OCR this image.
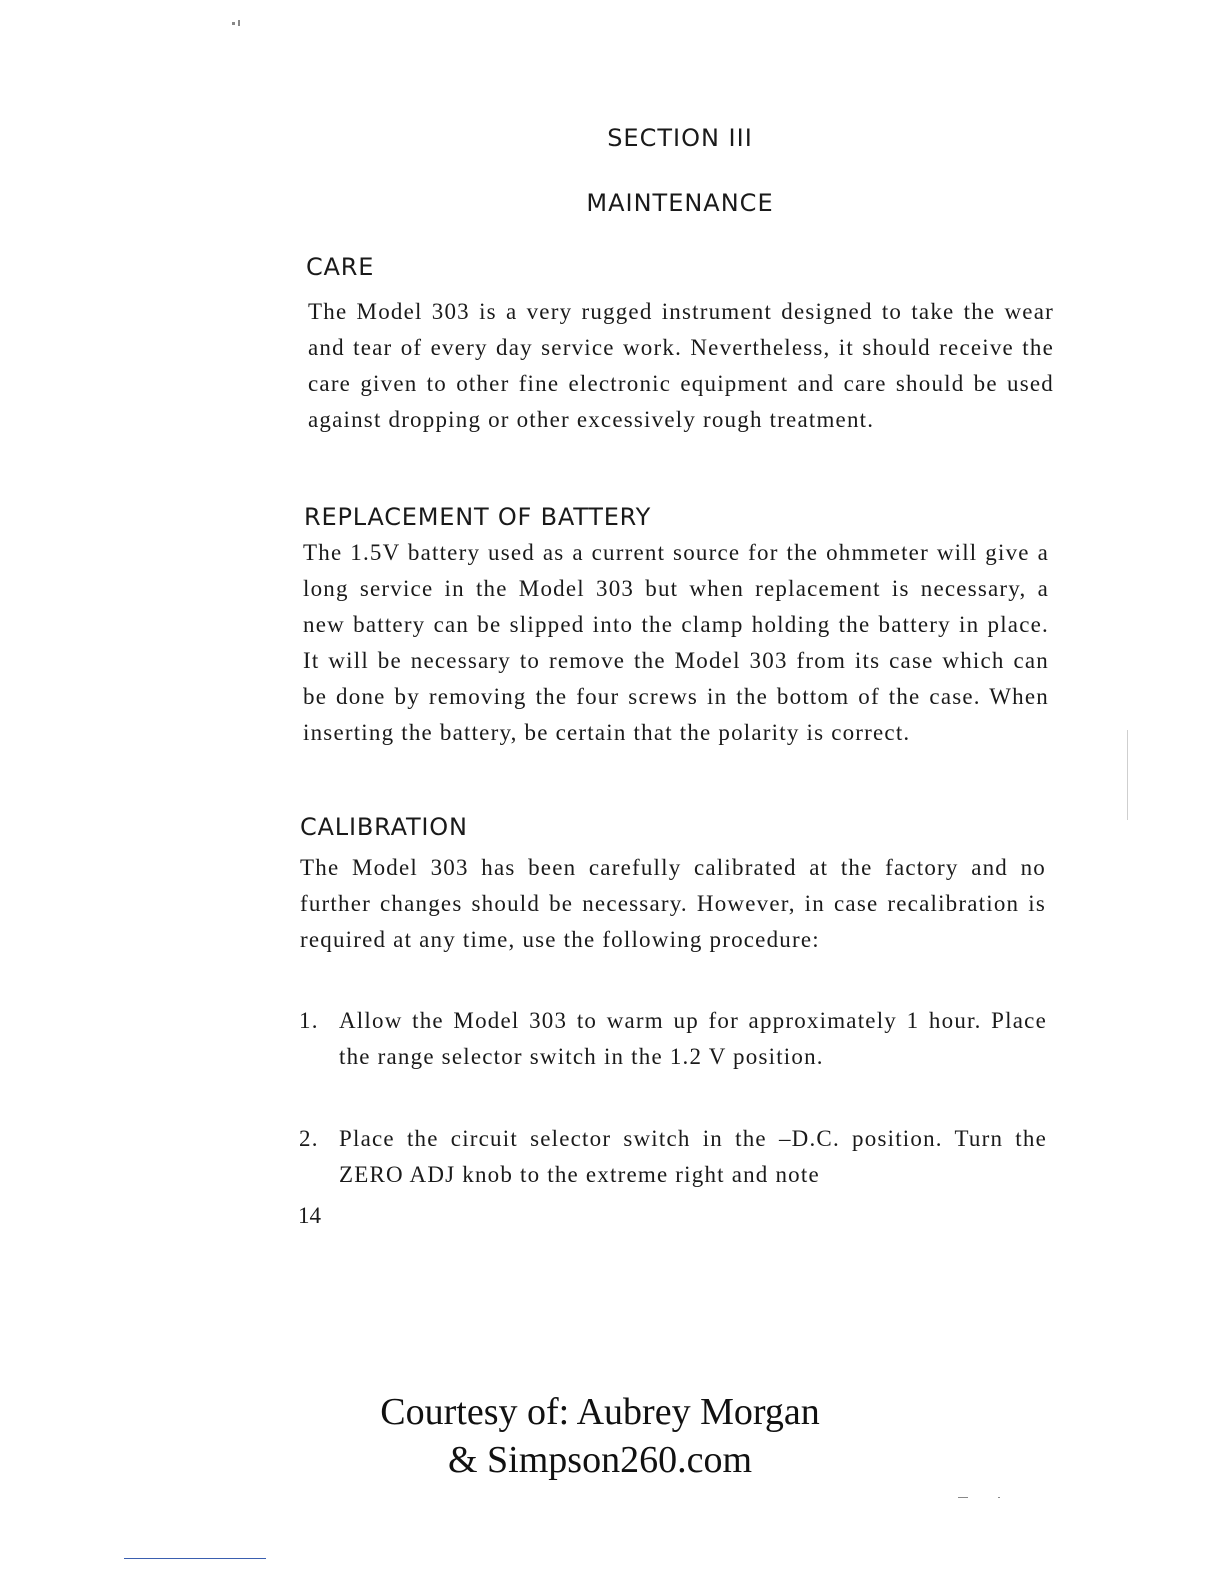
SECTION III
MAINTENANCE
CARE

The Model 303 is a very rugged instrument designed to take the wear and tear of every day service work. Nevertheless, it should receive the care given to other fine electronic equipment and care should be used against dropping or other excessively rough treatment.

REPLACEMENT OF BATTERY

The 1.5V battery used as a current source for the ohmmeter will give a long service in the Model 303 but when replacement is necessary, a new battery can be slipped into the clamp holding the battery in place. It will be necessary to remove the Model 303 from its case which can be done by removing the four screws in the bottom of the case. When inserting the battery, be certain that the polarity is correct.

CALIBRATION

The Model 303 has been carefully calibrated at the factory and no further changes should be necessary. However, in case recalibration is required at any time, use the following procedure:

1. Allow the Model 303 to warm up for approximately 1 hour. Place the range selector switch in the 1.2 V position.
2. Place the circuit selector switch in the –D.C. position. Turn the ZERO ADJ knob to the extreme right and note
14
Courtesy of: Aubrey Morgan
& Simpson260.com
